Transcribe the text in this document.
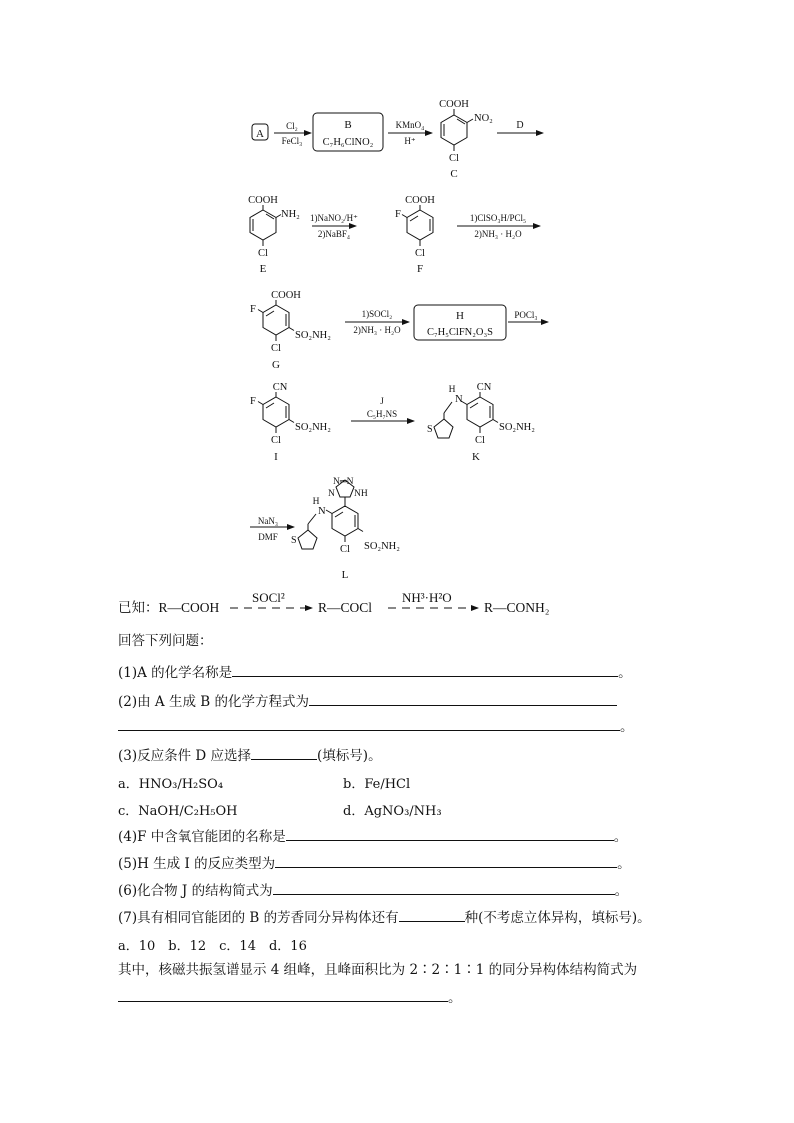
A
Cl₂
FeCl₃
B
C₇H₆ClNO₂
KMnO₄
H⁺
COOH
NO₂
Cl
C
D
COOH
NH₂
Cl
E
1)NaNO₂/H⁺
2)NaBF₄
F
COOH
Cl
F
1)ClSO₃H/PCl₅
2)NH₃ · H₂O
COOH
F
SO₂NH₂
Cl
G
1)SOCl₂
2)NH₃ · H₂O
H
C₇H₅ClFN₂O₃S
POCl₃
CN
F
SO₂NH₂
Cl
I
J
C₅H₇NS
H
N
CN
S
Cl
SO₂NH₂
K
NaN₃
DMF
N═N
N NH
H
N
S
Cl SO₂NH₂
L
已知：R—COOH
SOCl²
R—COCl
NH³·H²O
R—CONH₂
回答下列问题：
(1)A 的化学名称是	。
(2)由 A 生成 B 的化学方程式为
。
(3)反应条件 D 应选择	(填标号)。
a．HNO₃/H₂SO₄	b．Fe/HCl
c．NaOH/C₂H₅OH	d．AgNO₃/NH₃
(4)F 中含氧官能团的名称是	。
(5)H 生成 I 的反应类型为	。
(6)化合物 J 的结构简式为	。
(7)具有相同官能团的 B 的芳香同分异构体还有	种(不考虑立体异构，填标号)。
a．10　b．12　c．14　d．16
其中，核磁共振氢谱显示 4 组峰，且峰面积比为 2∶2∶1∶1 的同分异构体结构简式为
。
